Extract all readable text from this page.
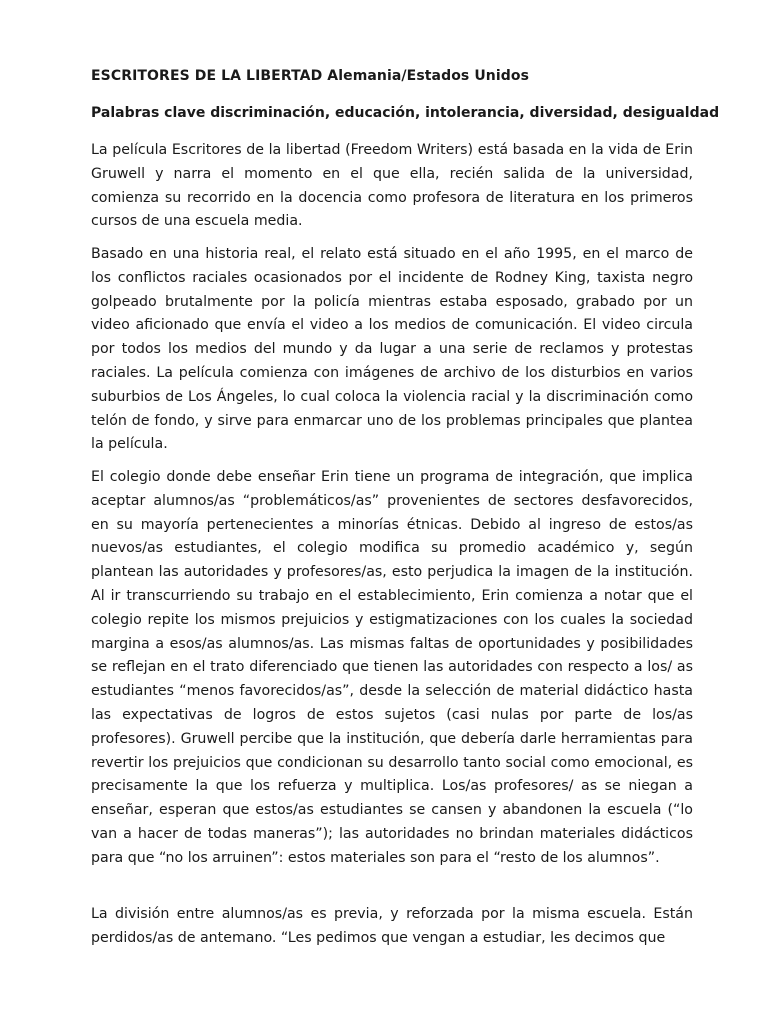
ESCRITORES DE LA LIBERTAD Alemania/Estados Unidos
Palabras clave discriminación, educación, intolerancia, diversidad, desigualdad

La película Escritores de la libertad (Freedom Writers) está basada en la vida de Erin Gruwell y narra el momento en el que ella, recién salida de la universidad, comienza su recorrido en la docencia como profesora de literatura en los primeros cursos de una escuela media.

Basado en una historia real, el relato está situado en el año 1995, en el marco de los conflictos raciales ocasionados por el incidente de Rodney King, taxista negro golpeado brutalmente por la policía mientras estaba esposado, grabado por un video aficionado que envía el video a los medios de comunicación. El video circula por todos los medios del mundo y da lugar a una serie de reclamos y protestas raciales. La película comienza con imágenes de archivo de los disturbios en varios suburbios de Los Ángeles, lo cual coloca la violencia racial y la discriminación como telón de fondo, y sirve para enmarcar uno de los problemas principales que plantea la película.

El colegio donde debe enseñar Erin tiene un programa de integración, que implica aceptar alumnos/as “problemáticos/as” provenientes de sectores desfavorecidos, en su mayoría pertenecientes a minorías étnicas. Debido al ingreso de estos/as nuevos/as estudiantes, el colegio modifica su promedio académico y, según plantean las autoridades y profesores/as, esto perjudica la imagen de la institución. Al ir transcurriendo su trabajo en el establecimiento, Erin comienza a notar que el colegio repite los mismos prejuicios y estigmatizaciones con los cuales la sociedad margina a esos/as alumnos/as. Las mismas faltas de oportunidades y posibilidades se reflejan en el trato diferenciado que tienen las autoridades con respecto a los/ as estudiantes “menos favorecidos/as”, desde la selección de material didáctico hasta las expectativas de logros de estos sujetos (casi nulas por parte de los/as profesores). Gruwell percibe que la institución, que debería darle herramientas para revertir los prejuicios que condicionan su desarrollo tanto social como emocional, es precisamente la que los refuerza y multiplica. Los/as profesores/ as se niegan a enseñar, esperan que estos/as estudiantes se cansen y abandonen la escuela (“lo van a hacer de todas maneras”); las autoridades no brindan materiales didácticos para que “no los arruinen”: estos materiales son para el “resto de los alumnos”.

La división entre alumnos/as es previa, y reforzada por la misma escuela. Están perdidos/as de antemano. “Les pedimos que vengan a estudiar, les decimos que
